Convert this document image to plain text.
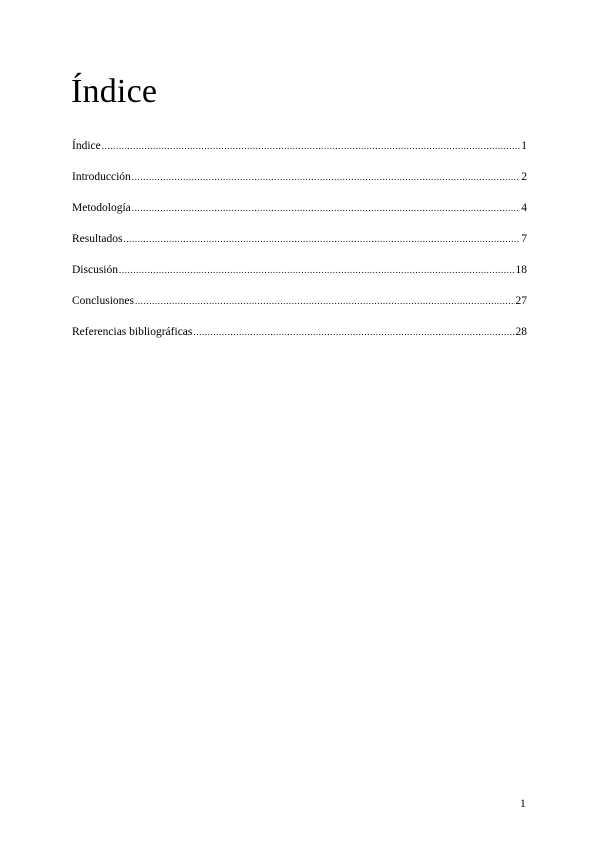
Índice
Índice .....	1
Introducción .....	2
Metodología .....	4
Resultados .....	7
Discusión .....	18
Conclusiones .....	27
Referencias bibliográficas .....	28
1
